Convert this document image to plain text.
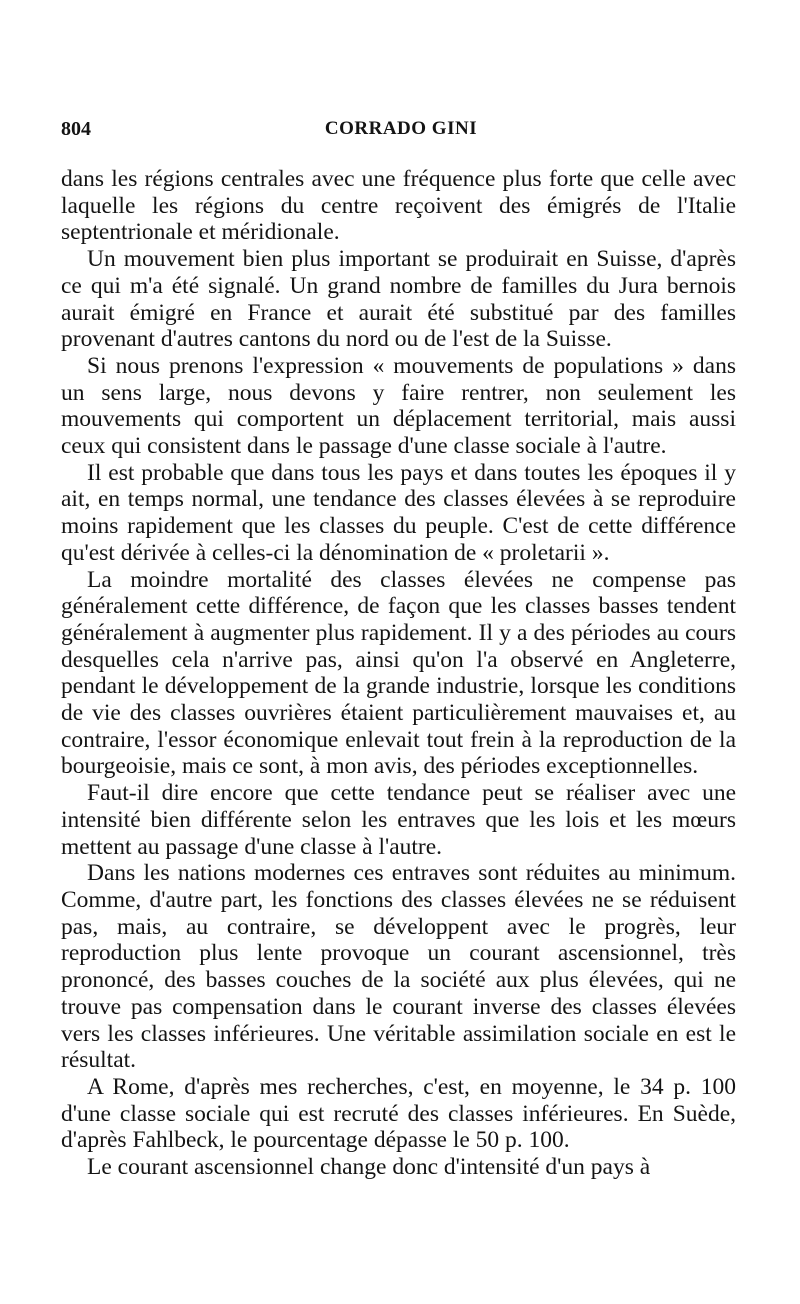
804	CORRADO GINI

dans les régions centrales avec une fréquence plus forte que celle avec laquelle les régions du centre reçoivent des émigrés de l'Italie septentrionale et méridionale.

Un mouvement bien plus important se produirait en Suisse, d'après ce qui m'a été signalé. Un grand nombre de familles du Jura bernois aurait émigré en France et aurait été substitué par des familles provenant d'autres cantons du nord ou de l'est de la Suisse.

Si nous prenons l'expression « mouvements de populations » dans un sens large, nous devons y faire rentrer, non seulement les mouvements qui comportent un déplacement territorial, mais aussi ceux qui consistent dans le passage d'une classe sociale à l'autre.

Il est probable que dans tous les pays et dans toutes les époques il y ait, en temps normal, une tendance des classes élevées à se reproduire moins rapidement que les classes du peuple. C'est de cette différence qu'est dérivée à celles-ci la dénomination de « proletarii ».

La moindre mortalité des classes élevées ne compense pas généralement cette différence, de façon que les classes basses tendent généralement à augmenter plus rapidement. Il y a des périodes au cours desquelles cela n'arrive pas, ainsi qu'on l'a observé en Angleterre, pendant le développement de la grande industrie, lorsque les conditions de vie des classes ouvrières étaient particulièrement mauvaises et, au contraire, l'essor économique enlevait tout frein à la reproduction de la bourgeoisie, mais ce sont, à mon avis, des périodes exceptionnelles.

Faut-il dire encore que cette tendance peut se réaliser avec une intensité bien différente selon les entraves que les lois et les mœurs mettent au passage d'une classe à l'autre.

Dans les nations modernes ces entraves sont réduites au minimum. Comme, d'autre part, les fonctions des classes élevées ne se réduisent pas, mais, au contraire, se développent avec le progrès, leur reproduction plus lente provoque un courant ascensionnel, très prononcé, des basses couches de la société aux plus élevées, qui ne trouve pas compensation dans le courant inverse des classes élevées vers les classes inférieures. Une véritable assimilation sociale en est le résultat.

A Rome, d'après mes recherches, c'est, en moyenne, le 34 p. 100 d'une classe sociale qui est recruté des classes inférieures. En Suède, d'après Fahlbeck, le pourcentage dépasse le 50 p. 100.

Le courant ascensionnel change donc d'intensité d'un pays à
